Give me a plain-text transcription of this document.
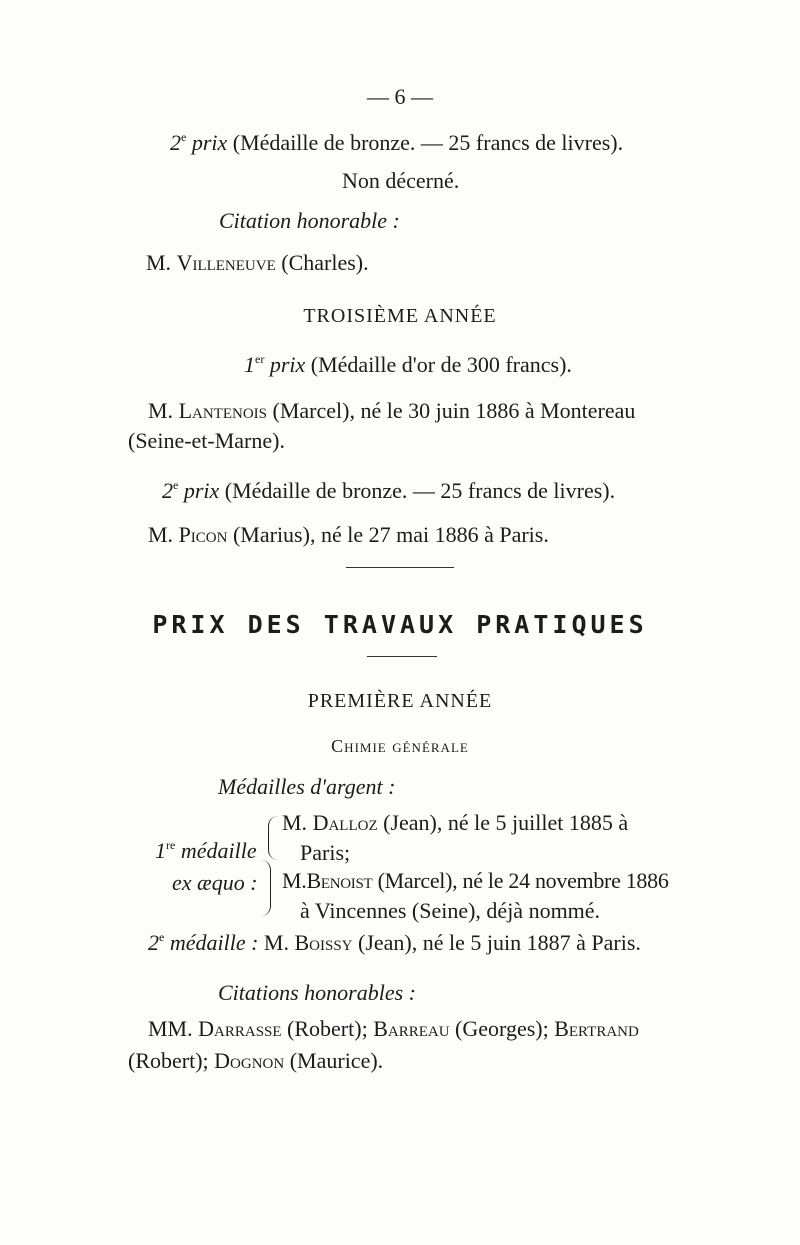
— 6 —
2e prix (Médaille de bronze. — 25 francs de livres).
Non décerné.
Citation honorable :
M. Villeneuve (Charles).
TROISIÈME ANNÉE
1er prix (Médaille d'or de 300 francs).
M. Lantenois (Marcel), né le 30 juin 1886 à Montereau
(Seine-et-Marne).
2e prix (Médaille de bronze. — 25 francs de livres).
M. Picon (Marius), né le 27 mai 1886 à Paris.
PRIX DES TRAVAUX PRATIQUES
PREMIÈRE ANNÉE
Chimie générale
Médailles d'argent :
1re médaille
ex æquo :
M. Dalloz (Jean), né le 5 juillet 1885 à
Paris;
M.Benoist (Marcel), né le 24 novembre 1886
à Vincennes (Seine), déjà nommé.
2e médaille : M. Boissy (Jean), né le 5 juin 1887 à Paris.
Citations honorables :
MM. Darrasse (Robert); Barreau (Georges); Bertrand
(Robert); Dognon (Maurice).
